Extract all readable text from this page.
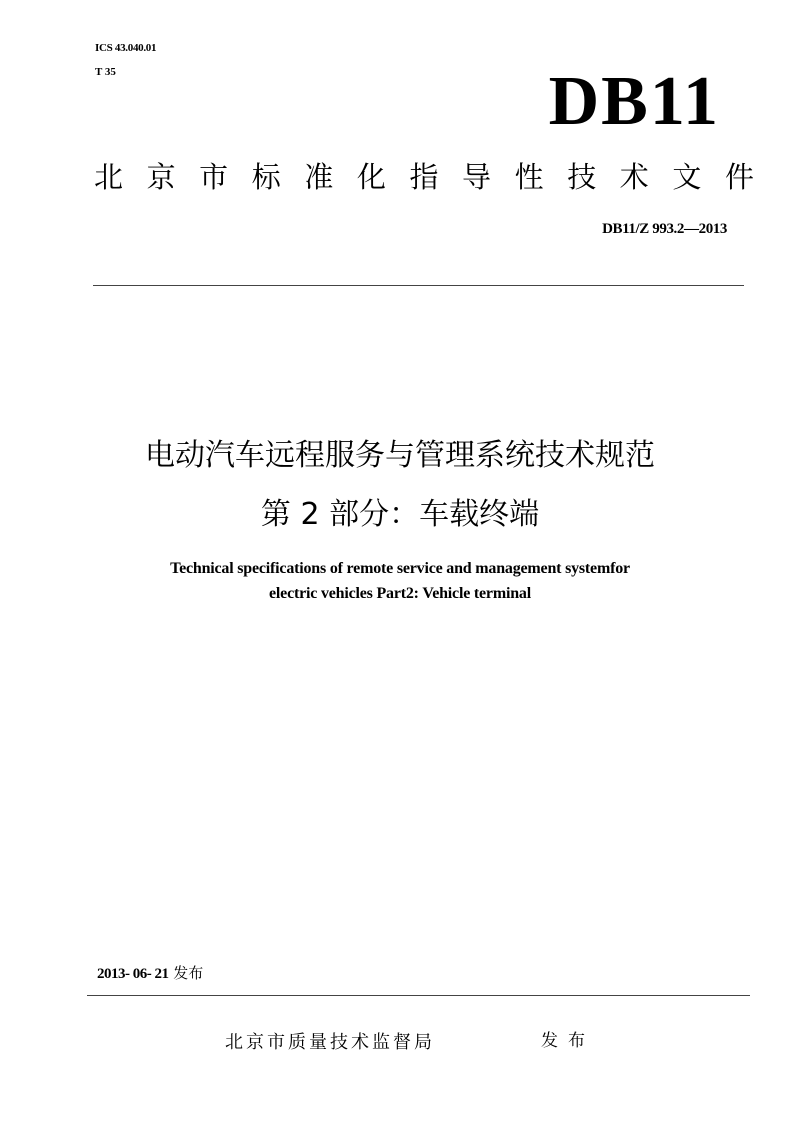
ICS 43.040.01
T 35	DB11
北 京 市 标 准 化 指 导 性 技 术 文 件
DB11/Z 993.2—2013
电动汽车远程服务与管理系统技术规范
第 2 部分：车载终端
Technical specifications of remote service and management systemfor
electric vehicles Part2: Vehicle terminal
2013- 06- 21 发布
北京市质量技术监督局	发布
